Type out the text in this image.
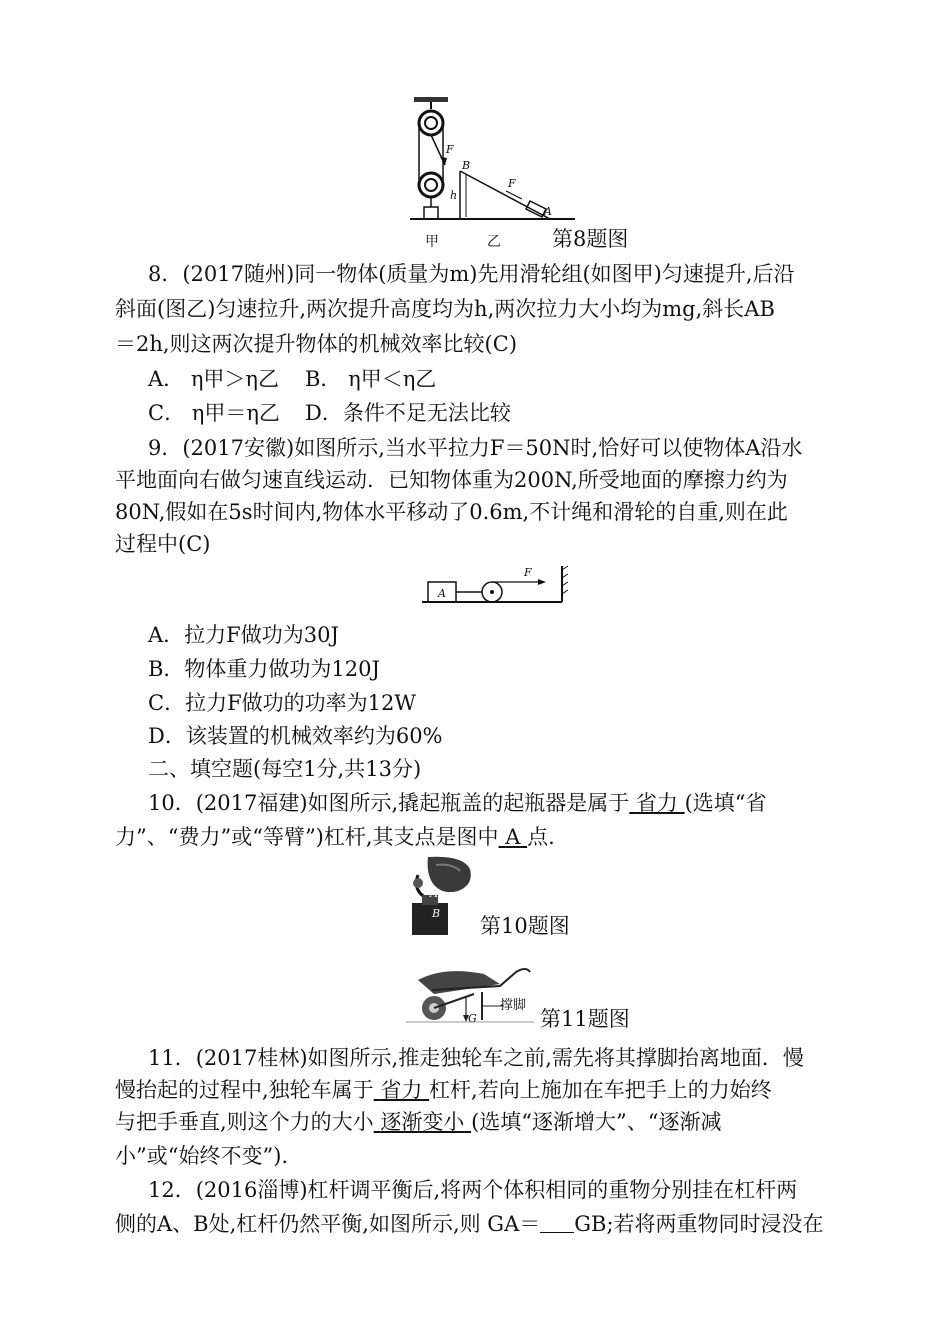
F
B
h
F
A
甲	乙 第8题图
8．(2017随州)同一物体(质量为m)先用滑轮组(如图甲)匀速提升,后沿
斜面(图乙)匀速拉升,两次提升高度均为h,两次拉力大小均为mg,斜长AB
＝2h,则这两次提升物体的机械效率比较(C)
A． η甲＞η乙 B． η甲＜η乙
C． η甲＝η乙 D．条件不足无法比较
9．(2017安徽)如图所示,当水平拉力F＝50N时,恰好可以使物体A沿水
平地面向右做匀速直线运动．已知物体重为200N,所受地面的摩擦力约为
80N,假如在5s时间内,物体水平移动了0.6m,不计绳和滑轮的自重,则在此
过程中(C)
A
F
A．拉力F做功为30J
B．物体重力做功为120J
C．拉力F做功的功率为12W
D．该装置的机械效率约为60%
二、填空题(每空1分,共13分)
10．(2017福建)如图所示,撬起瓶盖的起瓶器是属于 省力 (选填“省
力”、“费力”或“等臂”)杠杆,其支点是图中 A 点.
A
B
第10题图
G
撑脚
第11题图
11．(2017桂林)如图所示,推走独轮车之前,需先将其撑脚抬离地面．慢
慢抬起的过程中,独轮车属于 省力 杠杆,若向上施加在车把手上的力始终
与把手垂直,则这个力的大小 逐渐变小 (选填“逐渐增大”、“逐渐减
小”或“始终不变”).
12．(2016淄博)杠杆调平衡后,将两个体积相同的重物分别挂在杠杆两
侧的A、B处,杠杆仍然平衡,如图所示,则 GA＝ GB;若将两重物同时浸没在
